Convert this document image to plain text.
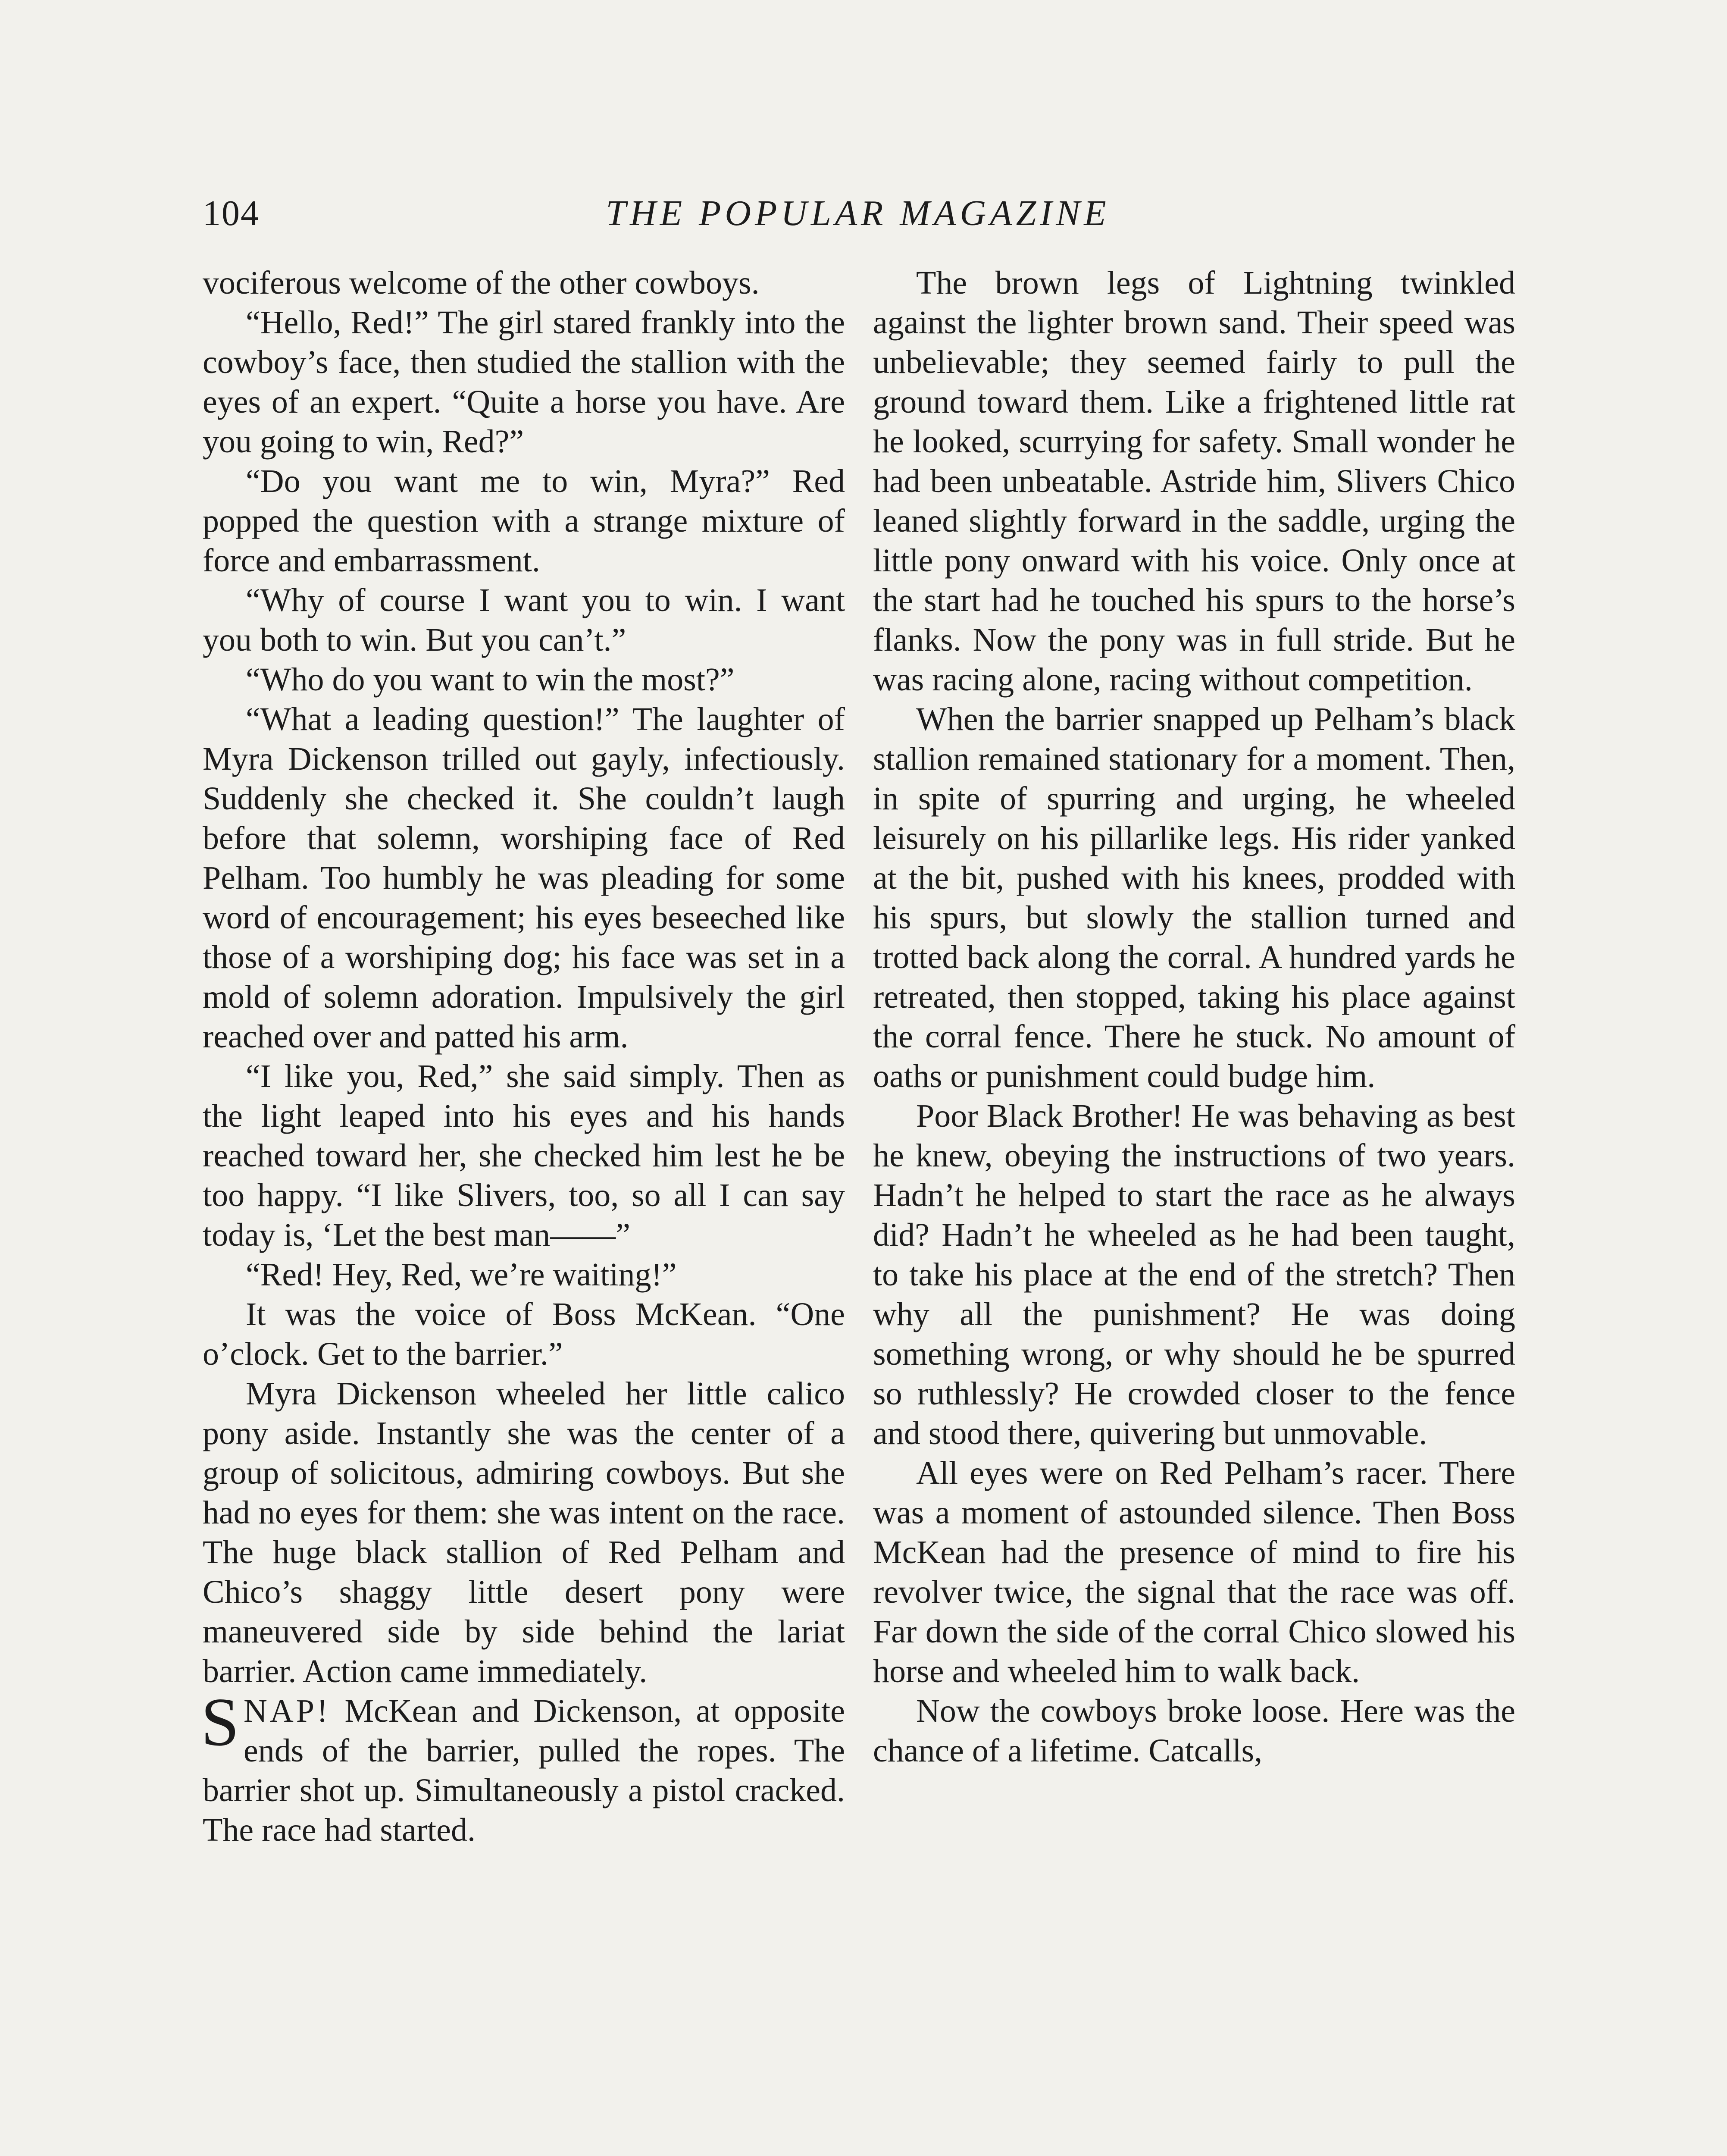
104	THE POPULAR MAGAZINE

vociferous welcome of the other cowboys.

“Hello, Red!” The girl stared frankly into the cowboy’s face, then studied the stallion with the eyes of an expert. “Quite a horse you have. Are you going to win, Red?”

“Do you want me to win, Myra?” Red popped the question with a strange mixture of force and embarrassment.

“Why of course I want you to win. I want you both to win. But you can’t.”

“Who do you want to win the most?”

“What a leading question!” The laughter of Myra Dickenson trilled out gayly, infectiously. Suddenly she checked it. She couldn’t laugh before that solemn, worshiping face of Red Pelham. Too humbly he was pleading for some word of encouragement; his eyes beseeched like those of a worshiping dog; his face was set in a mold of solemn adoration. Impulsively the girl reached over and patted his arm.

“I like you, Red,” she said simply. Then as the light leaped into his eyes and his hands reached toward her, she checked him lest he be too happy. “I like Slivers, too, so all I can say today is, ‘Let the best man——”

“Red! Hey, Red, we’re waiting!”

It was the voice of Boss McKean. “One o’clock. Get to the barrier.”

Myra Dickenson wheeled her little calico pony aside. Instantly she was the center of a group of solicitous, admiring cowboys. But she had no eyes for them: she was intent on the race. The huge black stallion of Red Pelham and Chico’s shaggy little desert pony were maneuvered side by side behind the lariat barrier. Action came immediately.

SNAP! McKean and Dickenson, at opposite ends of the barrier, pulled the ropes. The barrier shot up. Simultaneously a pistol cracked. The race had started.

The brown legs of Lightning twinkled against the lighter brown sand. Their speed was unbelievable; they seemed fairly to pull the ground toward them. Like a frightened little rat he looked, scurrying for safety. Small wonder he had been unbeatable. Astride him, Slivers Chico leaned slightly forward in the saddle, urging the little pony onward with his voice. Only once at the start had he touched his spurs to the horse’s flanks. Now the pony was in full stride. But he was racing alone, racing without competition.

When the barrier snapped up Pelham’s black stallion remained stationary for a moment. Then, in spite of spurring and urging, he wheeled leisurely on his pillarlike legs. His rider yanked at the bit, pushed with his knees, prodded with his spurs, but slowly the stallion turned and trotted back along the corral. A hundred yards he retreated, then stopped, taking his place against the corral fence. There he stuck. No amount of oaths or punishment could budge him.

Poor Black Brother! He was behaving as best he knew, obeying the instructions of two years. Hadn’t he helped to start the race as he always did? Hadn’t he wheeled as he had been taught, to take his place at the end of the stretch? Then why all the punishment? He was doing something wrong, or why should he be spurred so ruthlessly? He crowded closer to the fence and stood there, quivering but unmovable.

All eyes were on Red Pelham’s racer. There was a moment of astounded silence. Then Boss McKean had the presence of mind to fire his revolver twice, the signal that the race was off. Far down the side of the corral Chico slowed his horse and wheeled him to walk back.

Now the cowboys broke loose. Here was the chance of a lifetime. Catcalls,
